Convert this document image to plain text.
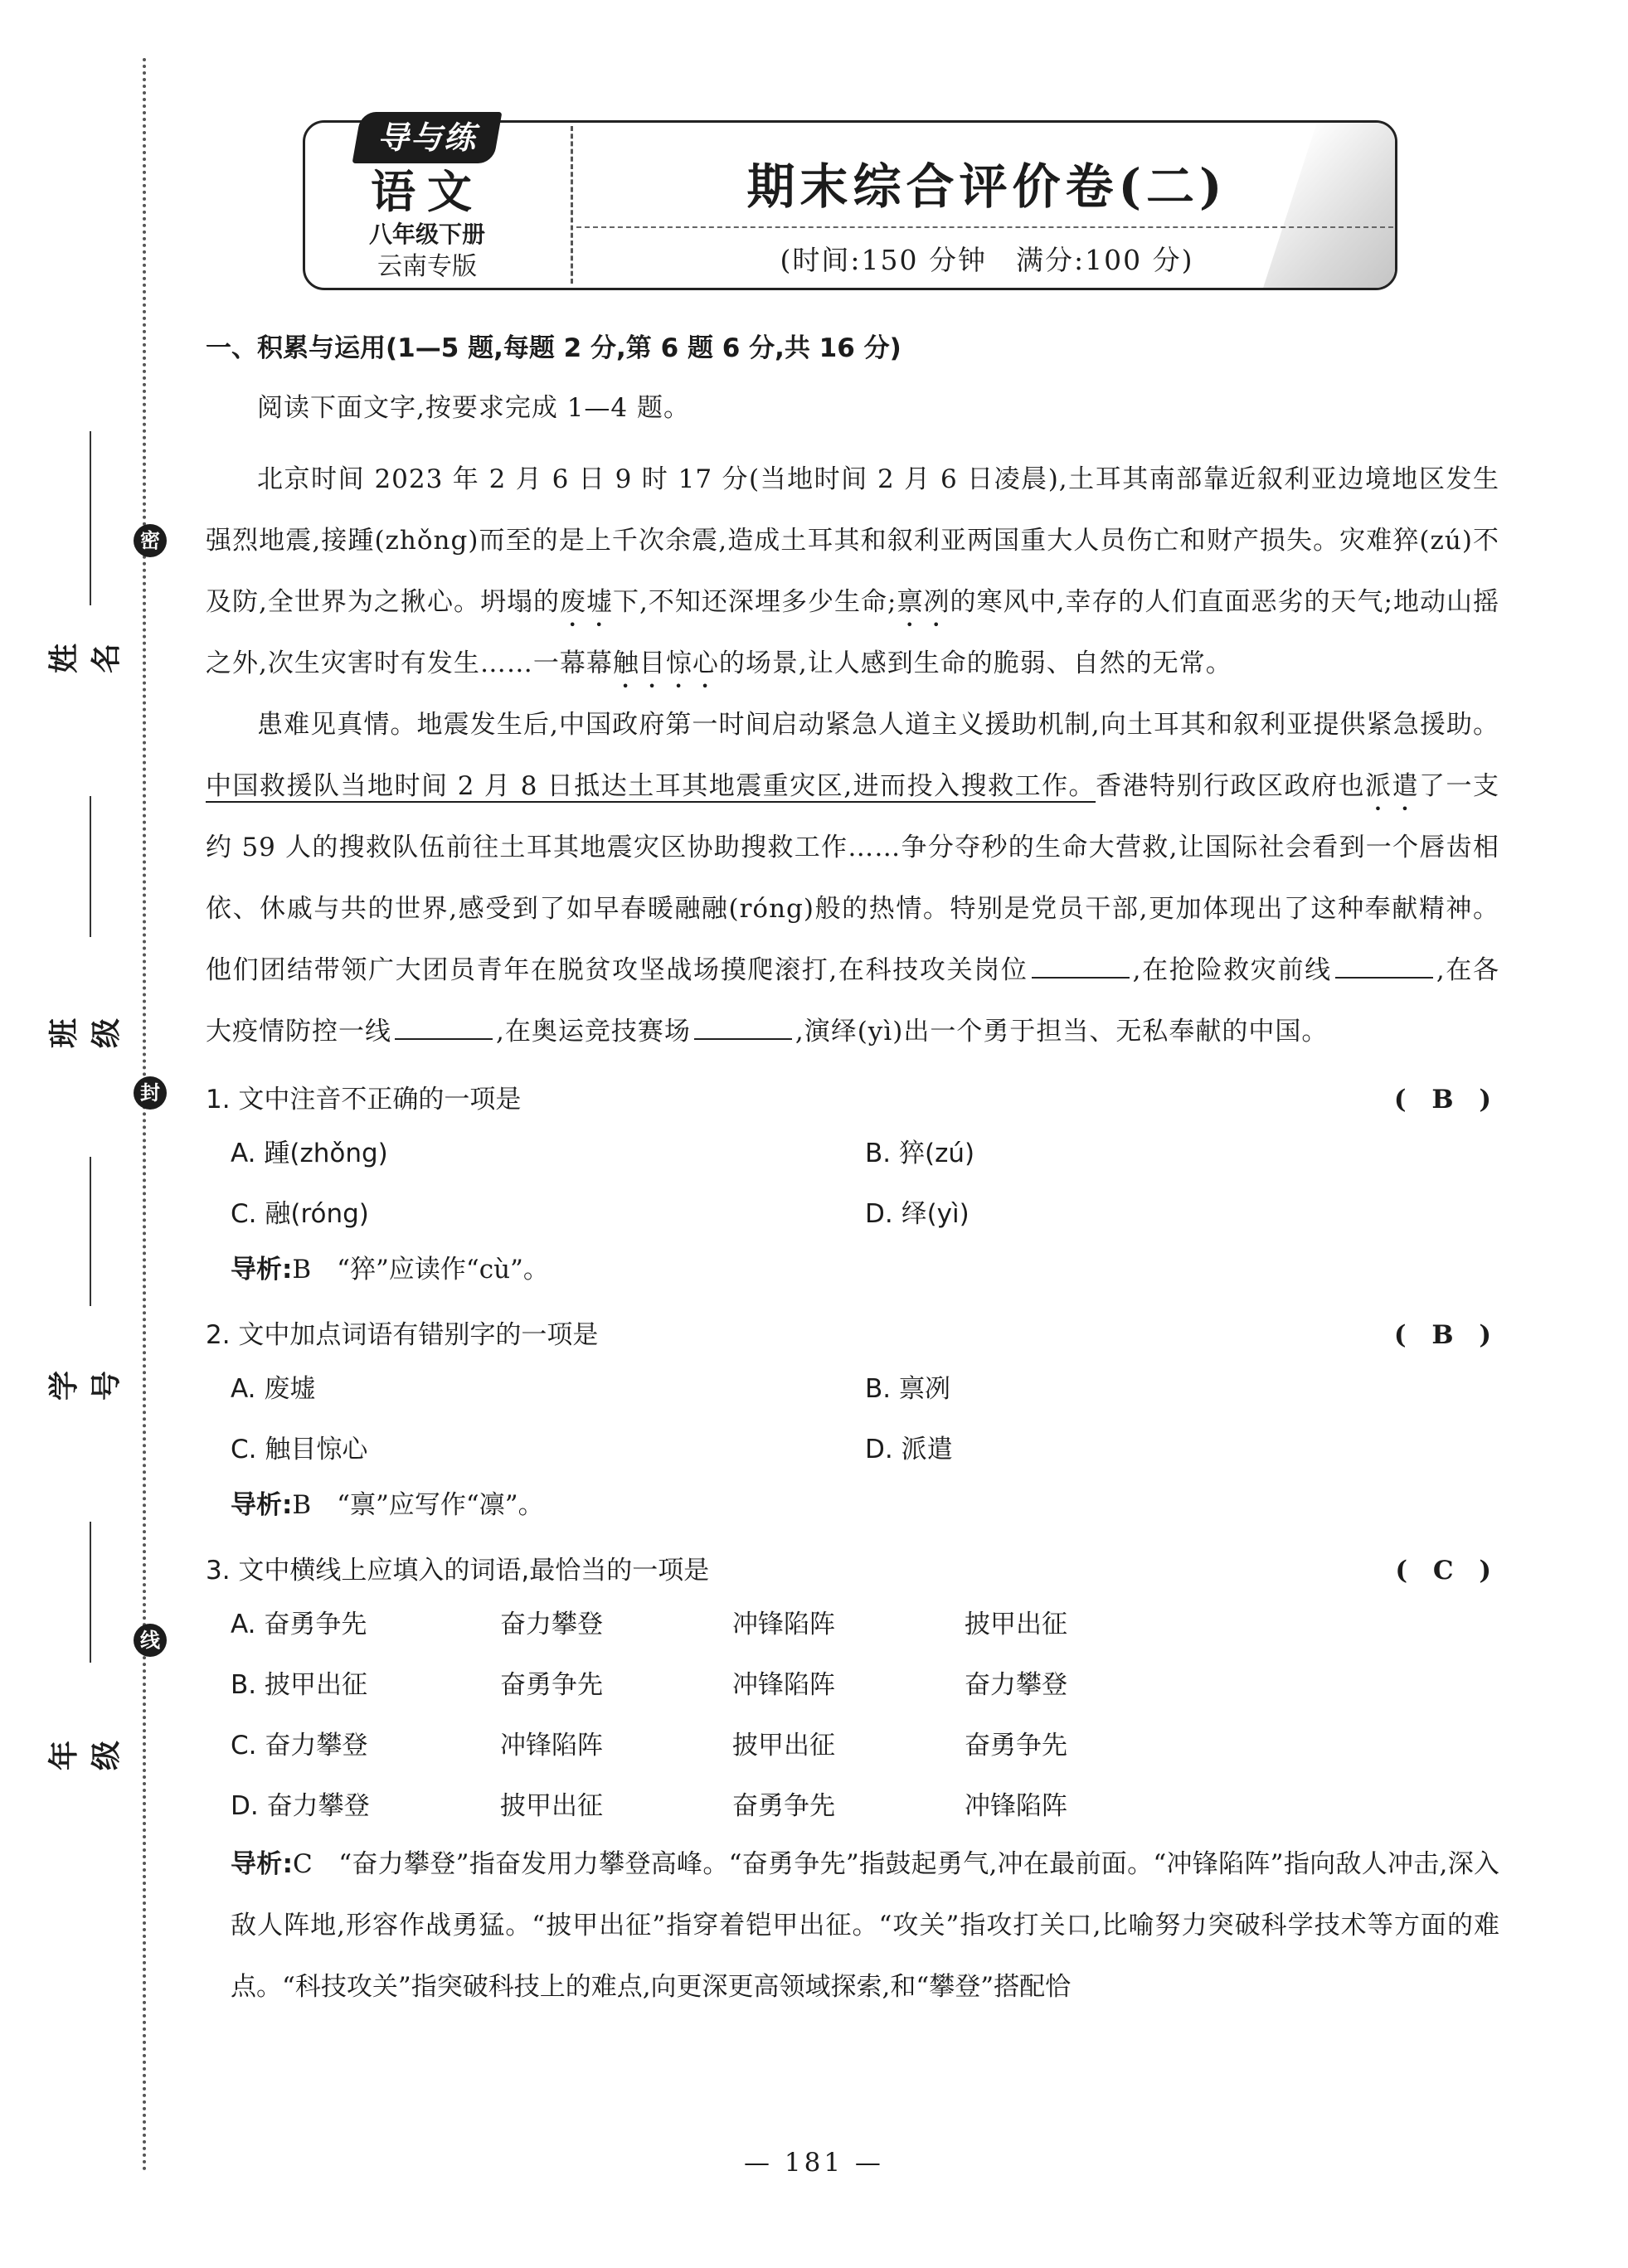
密
封
线
姓名
班级
学号
年级
导与练
语文
八年级下册
云南专版
期末综合评价卷(二)
(时间:150 分钟　满分:100 分)
一、积累与运用(1—5 题,每题 2 分,第 6 题 6 分,共 16 分)
阅读下面文字,按要求完成 1—4 题。
北京时间 2023 年 2 月 6 日 9 时 17 分(当地时间 2 月 6 日凌晨),土耳其南部靠近叙利亚边境地区发生强烈地震,接踵(zhǒng)而至的是上千次余震,造成土耳其和叙利亚两国重大人员伤亡和财产损失。灾难猝(zú)不及防,全世界为之揪心。坍塌的废墟下,不知还深埋多少生命;禀冽的寒风中,幸存的人们直面恶劣的天气;地动山摇之外,次生灾害时有发生……一幕幕触目惊心的场景,让人感到生命的脆弱、自然的无常。
患难见真情。地震发生后,中国政府第一时间启动紧急人道主义援助机制,向土耳其和叙利亚提供紧急援助。中国救援队当地时间 2 月 8 日抵达土耳其地震重灾区,进而投入搜救工作。香港特别行政区政府也派遣了一支约 59 人的搜救队伍前往土耳其地震灾区协助搜救工作……争分夺秒的生命大营救,让国际社会看到一个唇齿相依、休戚与共的世界,感受到了如早春暖融融(róng)般的热情。特别是党员干部,更加体现出了这种奉献精神。他们团结带领广大团员青年在脱贫攻坚战场摸爬滚打,在科技攻关岗位	,在抢险救灾前线	,在各大疫情防控一线	,在奥运竞技赛场	,演绎(yì)出一个勇于担当、无私奉献的中国。
1. 文中注音不正确的一项是	( B )
A. 踵(zhǒng)	B. 猝(zú)
C. 融(róng)	D. 绎(yì)
导析:B　“猝”应读作“cù”。
2. 文中加点词语有错别字的一项是	( B )
A. 废墟	B. 禀冽
C. 触目惊心	D. 派遣
导析:B　“禀”应写作“凛”。
3. 文中横线上应填入的词语,最恰当的一项是	( C )
A. 奋勇争先	奋力攀登	冲锋陷阵	披甲出征
B. 披甲出征	奋勇争先	冲锋陷阵	奋力攀登
C. 奋力攀登	冲锋陷阵	披甲出征	奋勇争先
D. 奋力攀登	披甲出征	奋勇争先	冲锋陷阵
导析:C　“奋力攀登”指奋发用力攀登高峰。“奋勇争先”指鼓起勇气,冲在最前面。“冲锋陷阵”指向敌人冲击,深入敌人阵地,形容作战勇猛。“披甲出征”指穿着铠甲出征。“攻关”指攻打关口,比喻努力突破科学技术等方面的难点。“科技攻关”指突破科技上的难点,向更深更高领域探索,和“攀登”搭配恰
— 181 —
